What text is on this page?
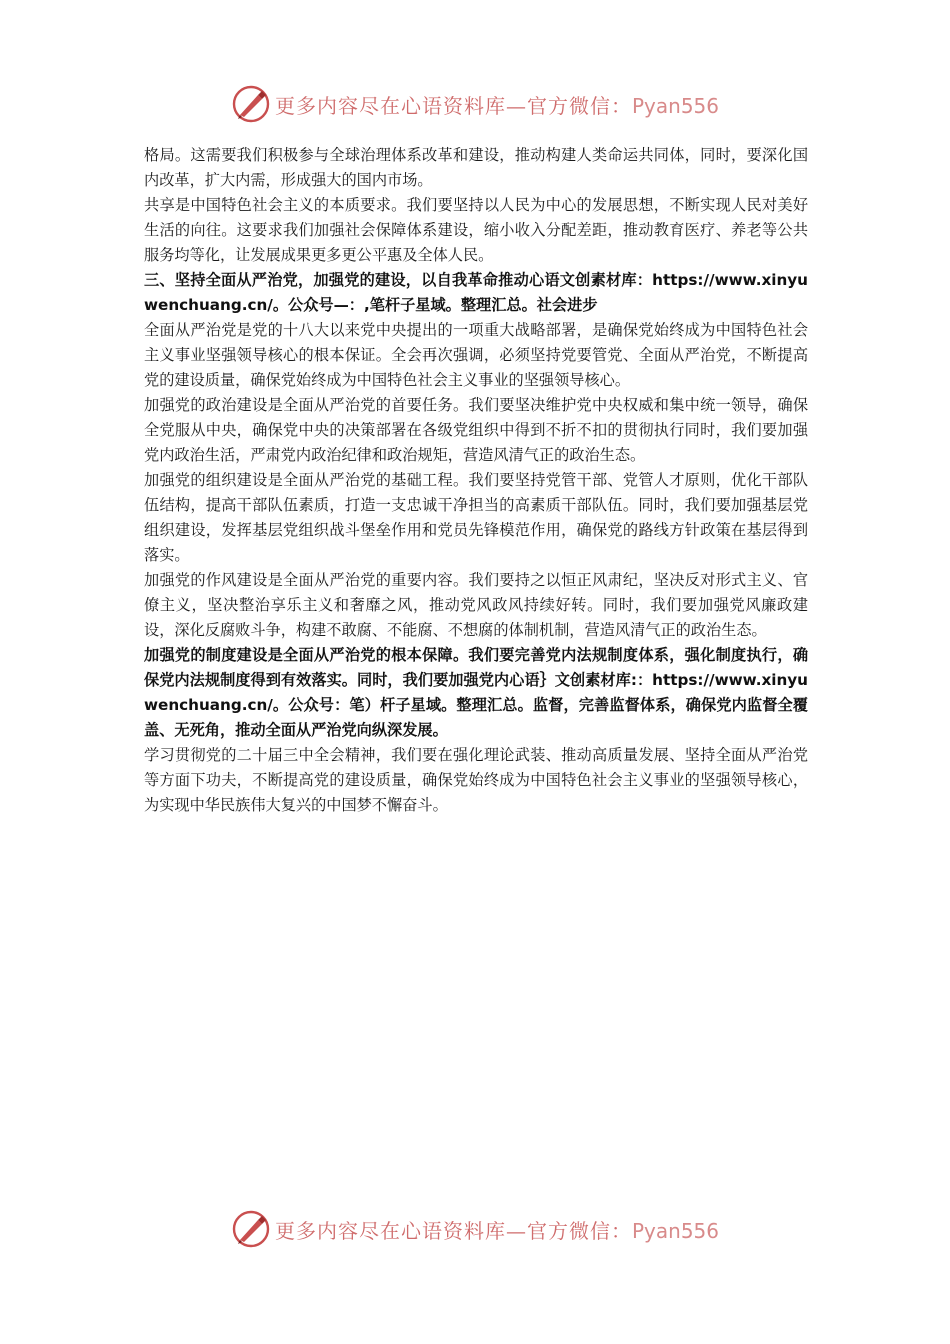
更多内容尽在心语资料库—官方微信：Pyan556

格局。这需要我们积极参与全球治理体系改革和建设，推动构建人类命运共同体，同时，要深化国内改革，扩大内需，形成强大的国内市场。

共享是中国特色社会主义的本质要求。我们要坚持以人民为中心的发展思想，不断实现人民对美好生活的向往。这要求我们加强社会保障体系建设，缩小收入分配差距，推动教育医疗、养老等公共服务均等化，让发展成果更多更公平惠及全体人民。

三、坚持全面从严治党，加强党的建设，以自我革命推动心语文创素材库：https://www.xinyuwenchuang.cn/。公众号—：,笔杆子星域。整理汇总。社会进步

全面从严治党是党的十八大以来党中央提出的一项重大战略部署，是确保党始终成为中国特色社会主义事业坚强领导核心的根本保证。全会再次强调，必须坚持党要管党、全面从严治党，不断提高党的建设质量，确保党始终成为中国特色社会主义事业的坚强领导核心。

加强党的政治建设是全面从严治党的首要任务。我们要坚决维护党中央权威和集中统一领导，确保全党服从中央，确保党中央的决策部署在各级党组织中得到不折不扣的贯彻执行同时，我们要加强党内政治生活，严肃党内政治纪律和政治规矩，营造风清气正的政治生态。

加强党的组织建设是全面从严治党的基础工程。我们要坚持党管干部、党管人才原则，优化干部队伍结构，提高干部队伍素质，打造一支忠诚干净担当的高素质干部队伍。同时，我们要加强基层党组织建设，发挥基层党组织战斗堡垒作用和党员先锋模范作用，确保党的路线方针政策在基层得到落实。

加强党的作风建设是全面从严治党的重要内容。我们要持之以恒正风肃纪，坚决反对形式主义、官僚主义，坚决整治享乐主义和奢靡之风，推动党风政风持续好转。同时，我们要加强党风廉政建设，深化反腐败斗争，构建不敢腐、不能腐、不想腐的体制机制，营造风清气正的政治生态。

加强党的制度建设是全面从严治党的根本保障。我们要完善党内法规制度体系，强化制度执行，确保党内法规制度得到有效落实。同时，我们要加强党内心语｝文创素材库:：https://www.xinyuwenchuang.cn/。公众号：笔）杆子星域。整理汇总。监督，完善监督体系，确保党内监督全覆盖、无死角，推动全面从严治党向纵深发展。

学习贯彻党的二十届三中全会精神，我们要在强化理论武装、推动高质量发展、坚持全面从严治党等方面下功夫，不断提高党的建设质量，确保党始终成为中国特色社会主义事业的坚强领导核心，为实现中华民族伟大复兴的中国梦不懈奋斗。

更多内容尽在心语资料库—官方微信：Pyan556
